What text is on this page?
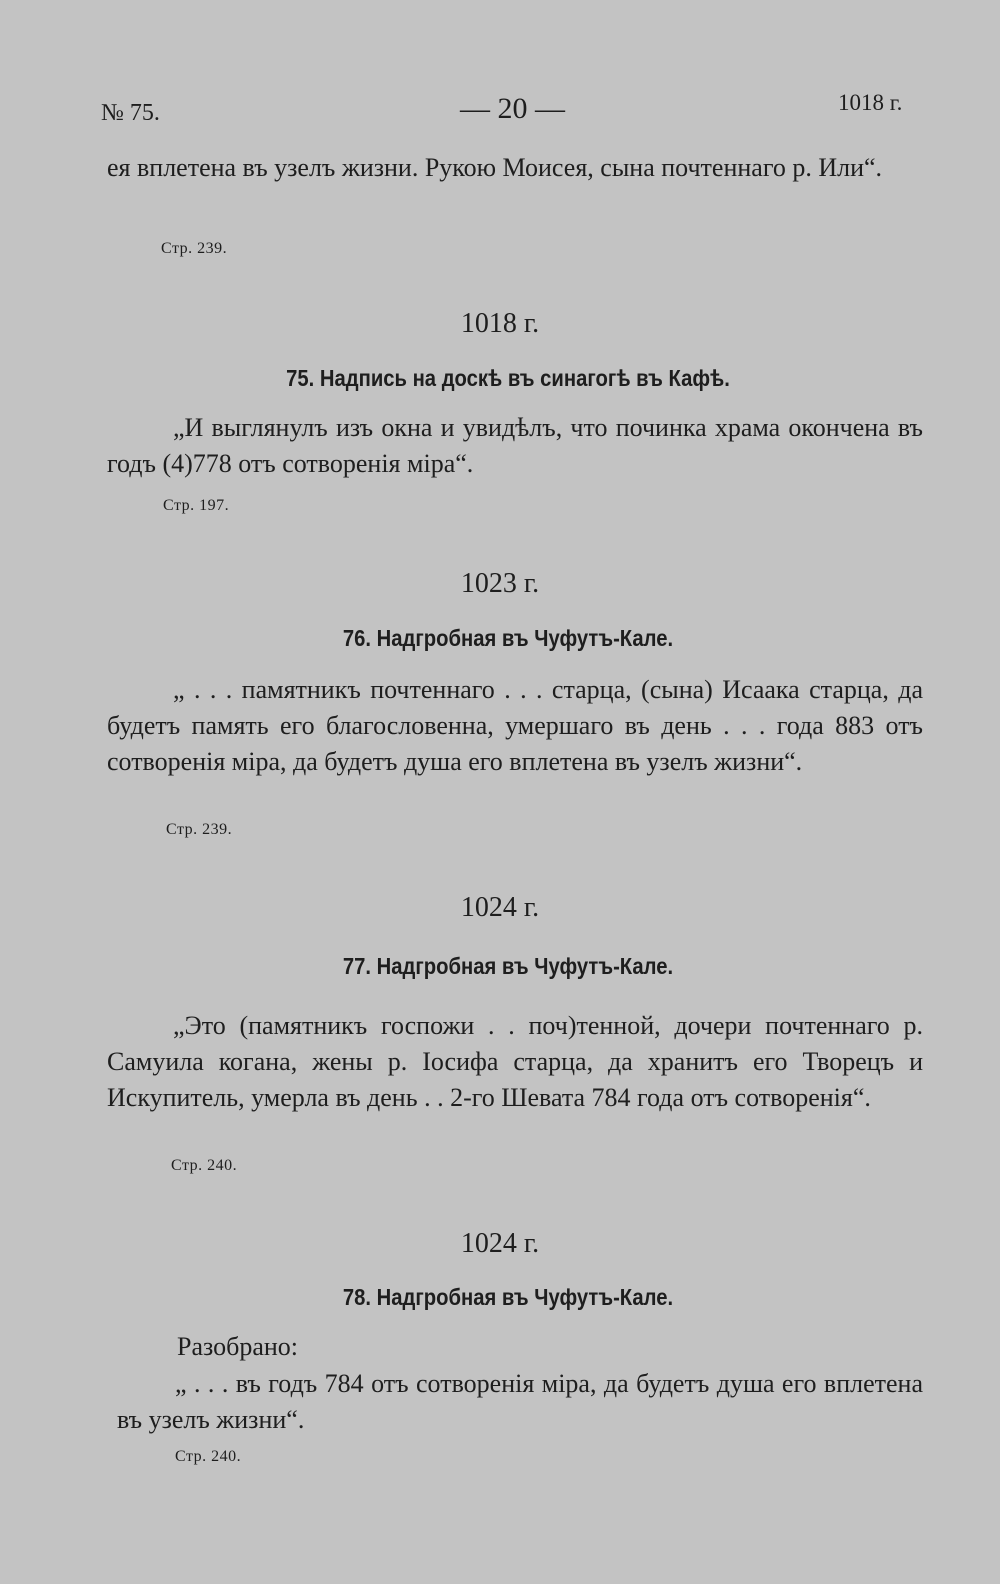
№ 75.	— 20 —	1018 г.

ея вплетена въ узелъ жизни. Рукою Моисея, сына почтеннаго р. Или“.

Стр. 239.
1018 г.
75. Надпись на доскѣ въ синагогѣ въ Кафѣ.

„И выглянулъ изъ окна и увидѣлъ, что починка храма окончена въ годъ (4)778 отъ сотворенія міра“.

Стр. 197.
1023 г.
76. Надгробная въ Чуфутъ-Кале.

„ . . . памятникъ почтеннаго . . . старца, (сына) Исаака старца, да будетъ память его благословенна, умершаго въ день . . . года 883 отъ сотворенія міра, да будетъ душа его вплетена въ узелъ жизни“.

Стр. 239.
1024 г.
77. Надгробная въ Чуфутъ-Кале.

„Это (памятникъ госпожи . . поч)тенной, дочери почтеннаго р. Самуила когана, жены р. Іосифа старца, да хранитъ его Творецъ и Искупитель, умерла въ день . . 2-го Шевата 784 года отъ сотворенія“.

Стр. 240.
1024 г.
78. Надгробная въ Чуфутъ-Кале.
Разобрано:

„ . . . въ годъ 784 отъ сотворенія міра, да будетъ душа его вплетена въ узелъ жизни“.

Стр. 240.
